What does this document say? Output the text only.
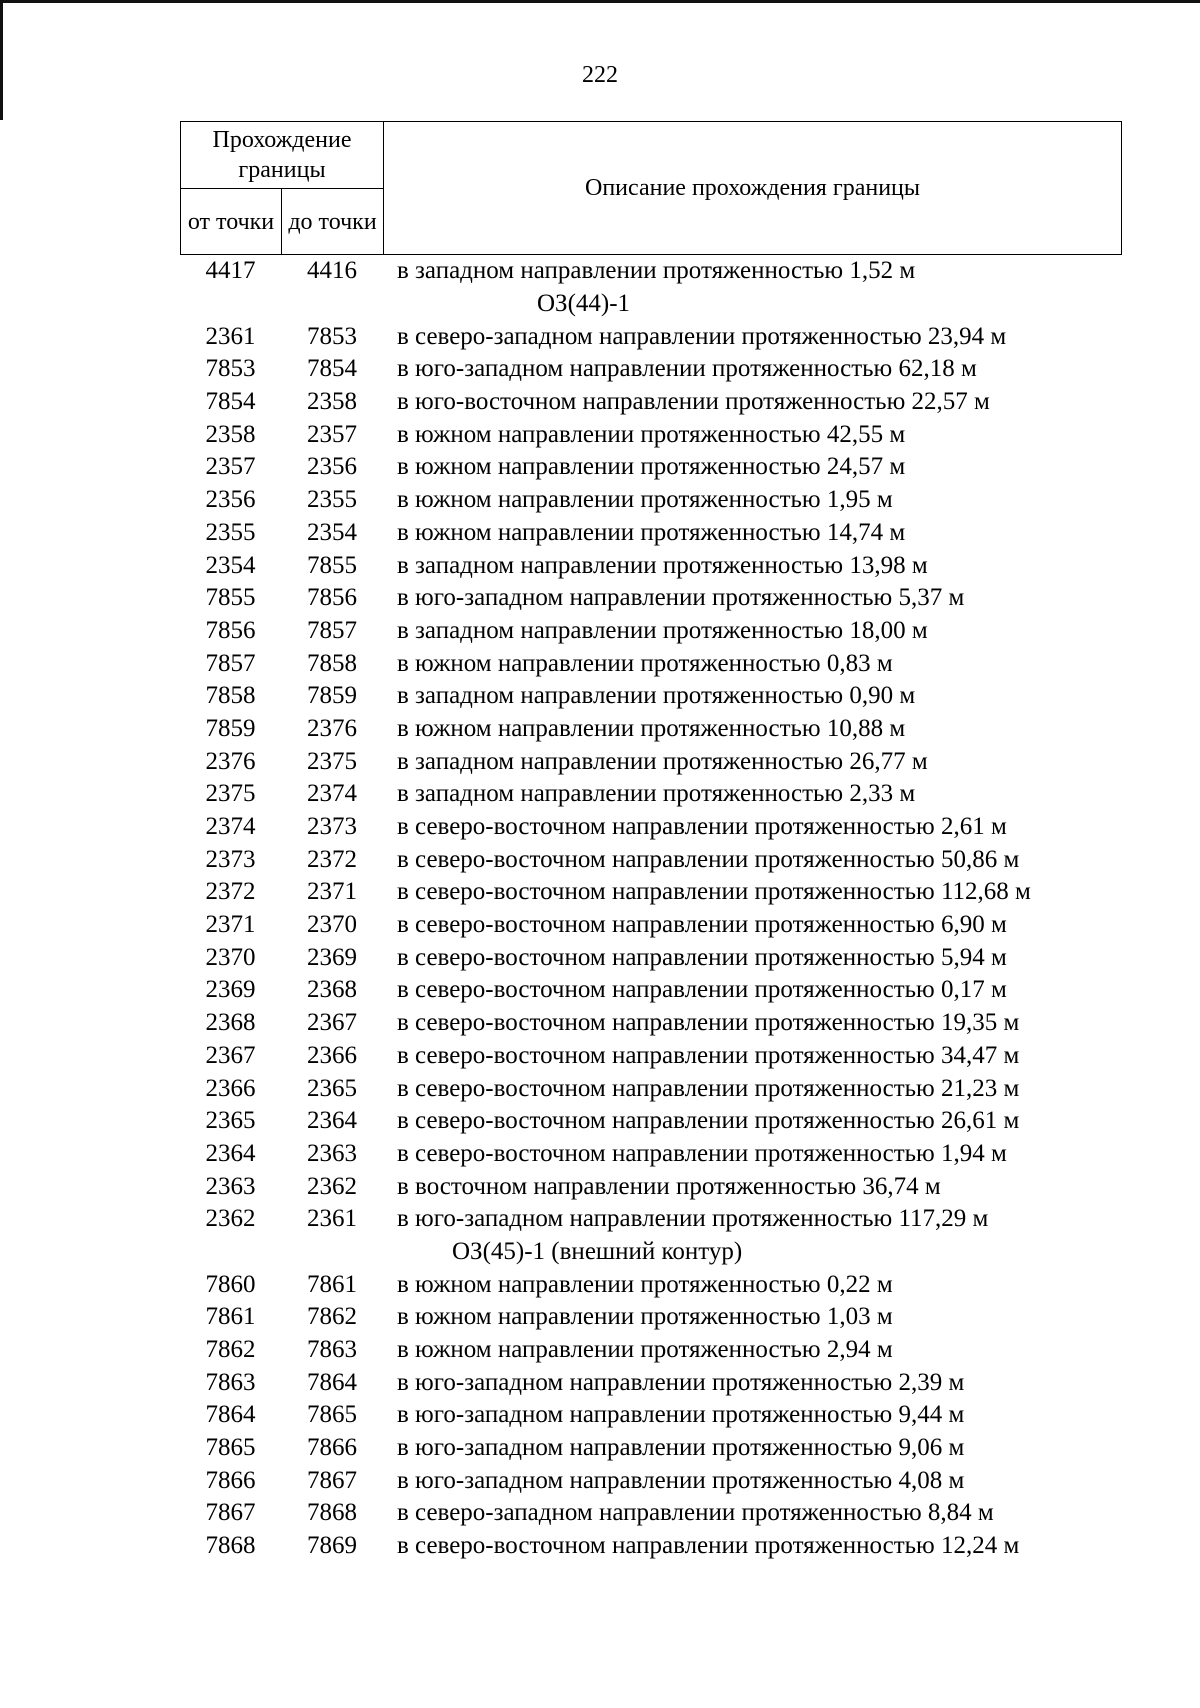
222
Прохождение границы
от точки до точки
Описание прохождения границы
4417	4416	в западном направлении протяженностью 1,52 м
ОЗ(44)-1
2361	7853	в северо-западном направлении протяженностью 23,94 м
7853	7854	в юго-западном направлении протяженностью 62,18 м
7854	2358	в юго-восточном направлении протяженностью 22,57 м
2358	2357	в южном направлении протяженностью 42,55 м
2357	2356	в южном направлении протяженностью 24,57 м
2356	2355	в южном направлении протяженностью 1,95 м
2355	2354	в южном направлении протяженностью 14,74 м
2354	7855	в западном направлении протяженностью 13,98 м
7855	7856	в юго-западном направлении протяженностью 5,37 м
7856	7857	в западном направлении протяженностью 18,00 м
7857	7858	в южном направлении протяженностью 0,83 м
7858	7859	в западном направлении протяженностью 0,90 м
7859	2376	в южном направлении протяженностью 10,88 м
2376	2375	в западном направлении протяженностью 26,77 м
2375	2374	в западном направлении протяженностью 2,33 м
2374	2373	в северо-восточном направлении протяженностью 2,61 м
2373	2372	в северо-восточном направлении протяженностью 50,86 м
2372	2371	в северо-восточном направлении протяженностью 112,68 м
2371	2370	в северо-восточном направлении протяженностью 6,90 м
2370	2369	в северо-восточном направлении протяженностью 5,94 м
2369	2368	в северо-восточном направлении протяженностью 0,17 м
2368	2367	в северо-восточном направлении протяженностью 19,35 м
2367	2366	в северо-восточном направлении протяженностью 34,47 м
2366	2365	в северо-восточном направлении протяженностью 21,23 м
2365	2364	в северо-восточном направлении протяженностью 26,61 м
2364	2363	в северо-восточном направлении протяженностью 1,94 м
2363	2362	в восточном направлении протяженностью 36,74 м
2362	2361	в юго-западном направлении протяженностью 117,29 м
ОЗ(45)-1 (внешний контур)
7860	7861	в южном направлении протяженностью 0,22 м
7861	7862	в южном направлении протяженностью 1,03 м
7862	7863	в южном направлении протяженностью 2,94 м
7863	7864	в юго-западном направлении протяженностью 2,39 м
7864	7865	в юго-западном направлении протяженностью 9,44 м
7865	7866	в юго-западном направлении протяженностью 9,06 м
7866	7867	в юго-западном направлении протяженностью 4,08 м
7867	7868	в северо-западном направлении протяженностью 8,84 м
7868	7869	в северо-восточном направлении протяженностью 12,24 м
